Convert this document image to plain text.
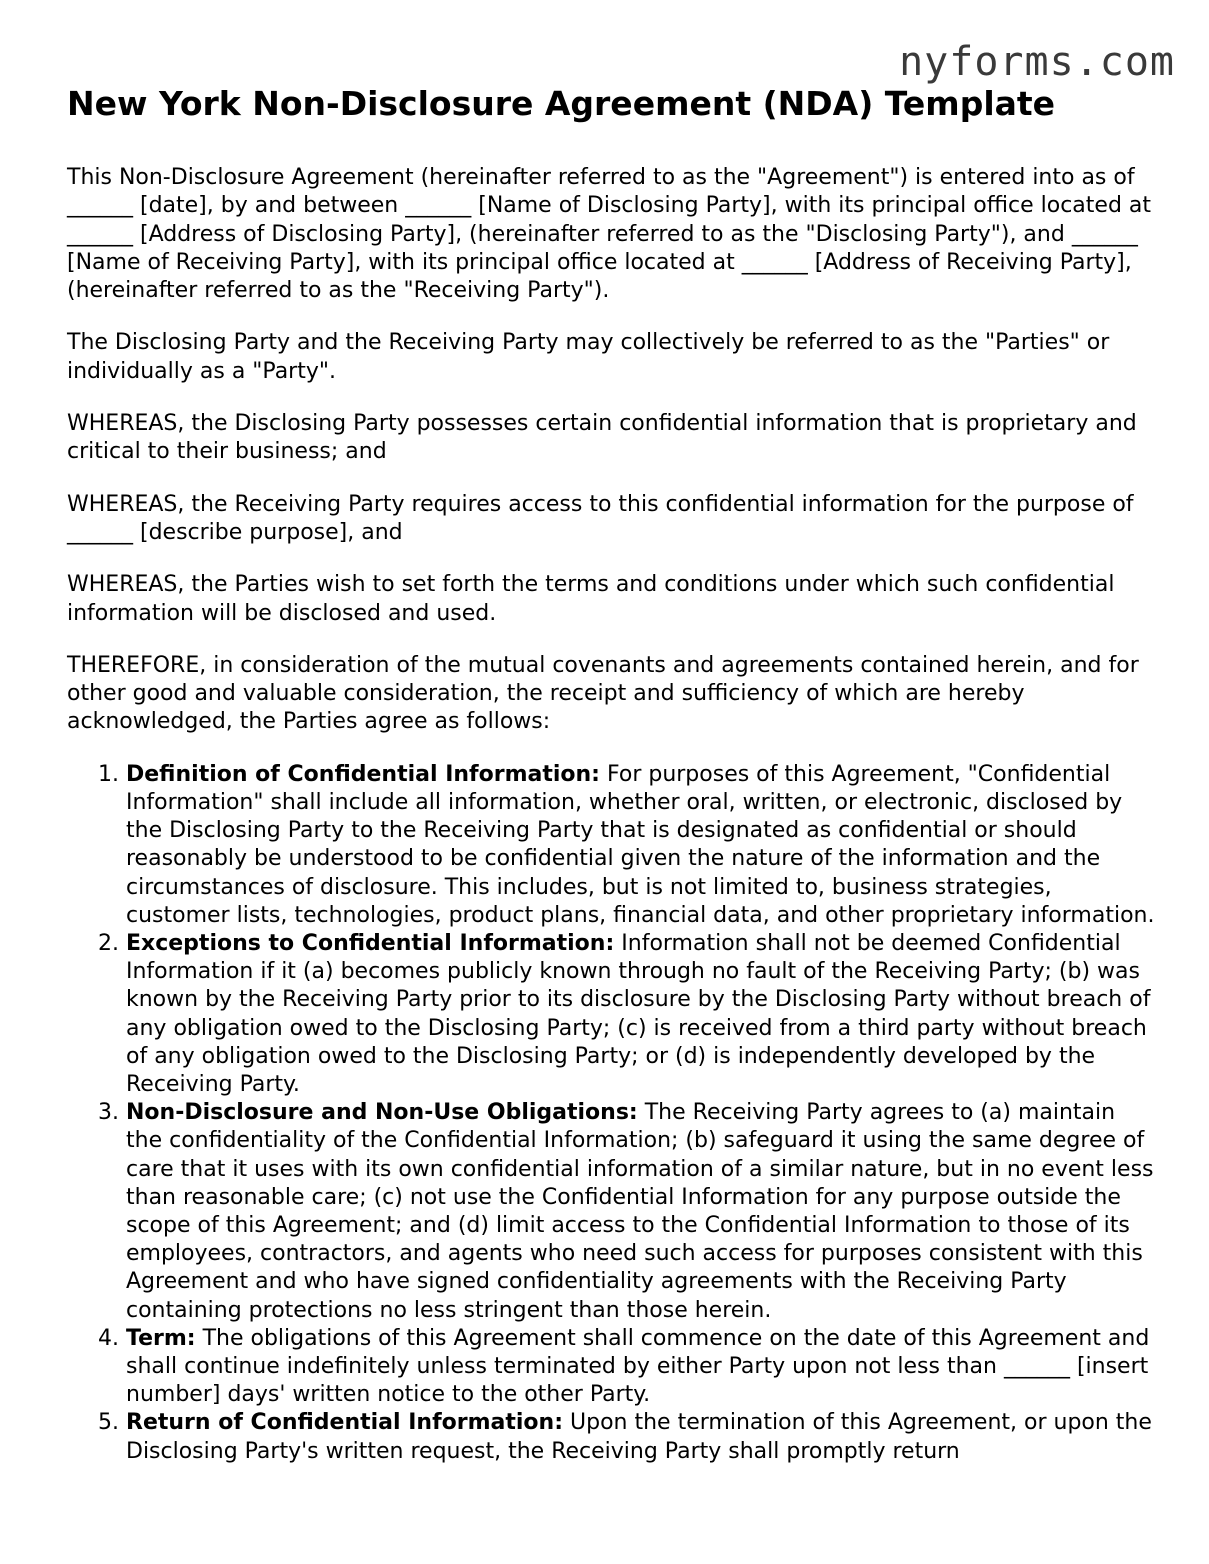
nyforms.com
New York Non-Disclosure Agreement (NDA) Template

This Non-Disclosure Agreement (hereinafter referred to as the "Agreement") is entered into as of ______ [date], by and between ______ [Name of Disclosing Party], with its principal office located at ______ [Address of Disclosing Party], (hereinafter referred to as the "Disclosing Party"), and ______ [Name of Receiving Party], with its principal office located at ______ [Address of Receiving Party], (hereinafter referred to as the "Receiving Party").

The Disclosing Party and the Receiving Party may collectively be referred to as the "Parties" or individually as a "Party".

WHEREAS, the Disclosing Party possesses certain confidential information that is proprietary and critical to their business; and

WHEREAS, the Receiving Party requires access to this confidential information for the purpose of ______ [describe purpose], and

WHEREAS, the Parties wish to set forth the terms and conditions under which such confidential information will be disclosed and used.

THEREFORE, in consideration of the mutual covenants and agreements contained herein, and for other good and valuable consideration, the receipt and sufficiency of which are hereby acknowledged, the Parties agree as follows:

1. Definition of Confidential Information: For purposes of this Agreement, "Confidential Information" shall include all information, whether oral, written, or electronic, disclosed by the Disclosing Party to the Receiving Party that is designated as confidential or should reasonably be understood to be confidential given the nature of the information and the circumstances of disclosure. This includes, but is not limited to, business strategies, customer lists, technologies, product plans, financial data, and other proprietary information.
2. Exceptions to Confidential Information: Information shall not be deemed Confidential Information if it (a) becomes publicly known through no fault of the Receiving Party; (b) was known by the Receiving Party prior to its disclosure by the Disclosing Party without breach of any obligation owed to the Disclosing Party; (c) is received from a third party without breach of any obligation owed to the Disclosing Party; or (d) is independently developed by the Receiving Party.
3. Non-Disclosure and Non-Use Obligations: The Receiving Party agrees to (a) maintain the confidentiality of the Confidential Information; (b) safeguard it using the same degree of care that it uses with its own confidential information of a similar nature, but in no event less than reasonable care; (c) not use the Confidential Information for any purpose outside the scope of this Agreement; and (d) limit access to the Confidential Information to those of its employees, contractors, and agents who need such access for purposes consistent with this Agreement and who have signed confidentiality agreements with the Receiving Party containing protections no less stringent than those herein.
4. Term: The obligations of this Agreement shall commence on the date of this Agreement and shall continue indefinitely unless terminated by either Party upon not less than ______ [insert number] days' written notice to the other Party.
5. Return of Confidential Information: Upon the termination of this Agreement, or upon the Disclosing Party's written request, the Receiving Party shall promptly return
